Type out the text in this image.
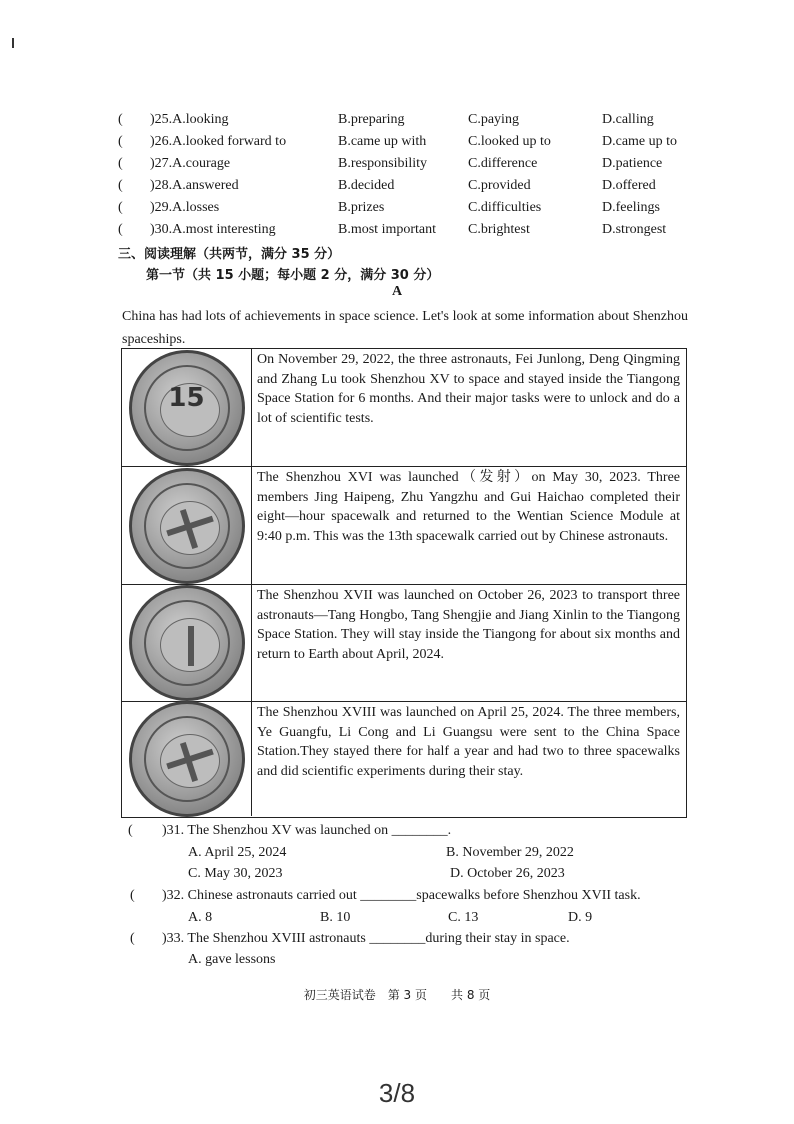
( )25.A.looking	B.preparing	C.paying	D.calling
( )26.A.looked forward to	B.came up with	C.looked up to	D.came up to
( )27.A.courage	B.responsibility	C.difference	D.patience
( )28.A.answered	B.decided	C.provided	D.offered
( )29.A.losses	B.prizes	C.difficulties	D.feelings
( )30.A.most interesting	B.most important C.brightest	D.strongest
三、阅读理解（共两节，满分 35 分）
第一节（共 15 小题；每小题 2 分，满分 30 分）
A
China has had lots of achievements in space science. Let's look at some information about Shenzhou spaceships.
15
On November 29, 2022, the three astronauts, Fei Junlong, Deng Qingming and Zhang Lu took Shenzhou XV to space and stayed inside the Tiangong Space Station for 6 months. And their major tasks were to unlock and do a lot of scientific tests.
The Shenzhou XVI was launched（发射）on May 30, 2023. Three members Jing Haipeng, Zhu Yangzhu and Gui Haichao completed their eight—hour spacewalk and returned to the Wentian Science Module at 9:40 p.m. This was the 13th spacewalk carried out by Chinese astronauts.
The Shenzhou XVII was launched on October 26, 2023 to transport three astronauts—Tang Hongbo, Tang Shengjie and Jiang Xinlin to the Tiangong Space Station. They will stay inside the Tiangong for about six months and return to Earth about April, 2024.
The Shenzhou XVIII was launched on April 25, 2024. The three members, Ye Guangfu, Li Cong and Li Guangsu were sent to the China Space Station.They stayed there for half a year and had two to three spacewalks and did scientific experiments during their stay.
( )31. The Shenzhou XV was launched on ________.
A. April 25, 2024	B. November 29, 2022
C. May 30, 2023	D. October 26, 2023
( )32. Chinese astronauts carried out ________spacewalks before Shenzhou XVII task.
A. 8	B. 10	C. 13	D. 9
( )33. The Shenzhou XVIII astronauts ________during their stay in space.
A. gave lessons
初三英语试卷　第 3 页　　共 8 页
3/8
